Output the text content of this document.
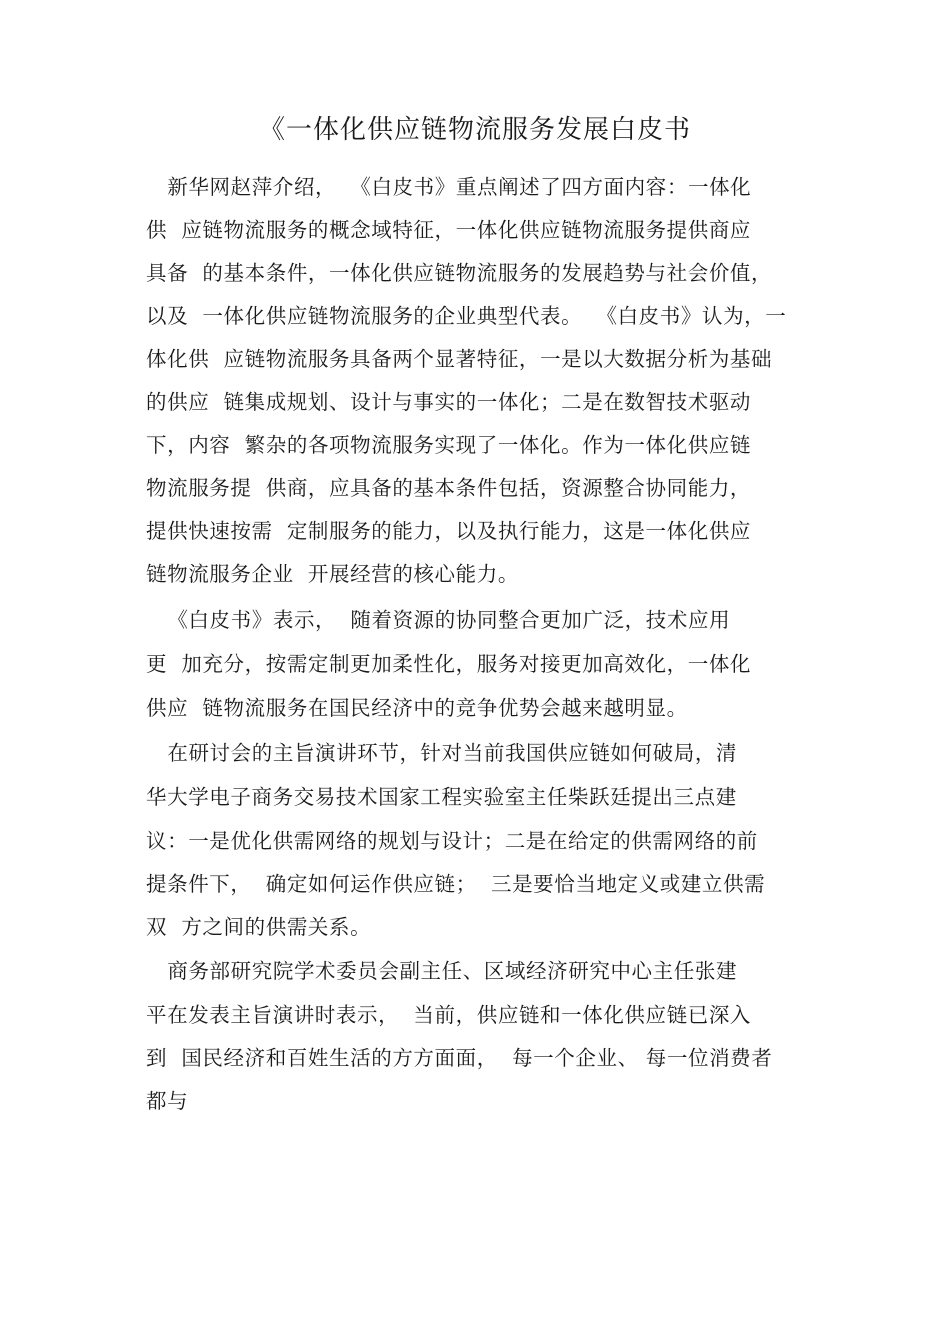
《一体化供应链物流服务发展白皮书
新华网赵萍介绍，  《白皮书》重点阐述了四方面内容：一体化
供  应链物流服务的概念域特征，一体化供应链物流服务提供商应
具备  的基本条件，一体化供应链物流服务的发展趋势与社会价值，
以及  一体化供应链物流服务的企业典型代表。  《白皮书》认为，一
体化供  应链物流服务具备两个显著特征，一是以大数据分析为基础
的供应  链集成规划、设计与事实的一体化；二是在数智技术驱动
下，内容  繁杂的各项物流服务实现了一体化。作为一体化供应链
物流服务提  供商，应具备的基本条件包括，资源整合协同能力，
提供快速按需  定制服务的能力，以及执行能力，这是一体化供应
链物流服务企业  开展经营的核心能力。
《白皮书》表示，  随着资源的协同整合更加广泛，技术应用
更  加充分，按需定制更加柔性化，服务对接更加高效化，一体化
供应  链物流服务在国民经济中的竞争优势会越来越明显。
在研讨会的主旨演讲环节，针对当前我国供应链如何破局，清
华大学电子商务交易技术国家工程实验室主任柴跃廷提出三点建
议：一是优化供需网络的规划与设计；二是在给定的供需网络的前
提条件下，  确定如何运作供应链；  三是要恰当地定义或建立供需
双  方之间的供需关系。
商务部研究院学术委员会副主任、区域经济研究中心主任张建
平在发表主旨演讲时表示，  当前，供应链和一体化供应链已深入
到  国民经济和百姓生活的方方面面，  每一个企业、 每一位消费者
都与
